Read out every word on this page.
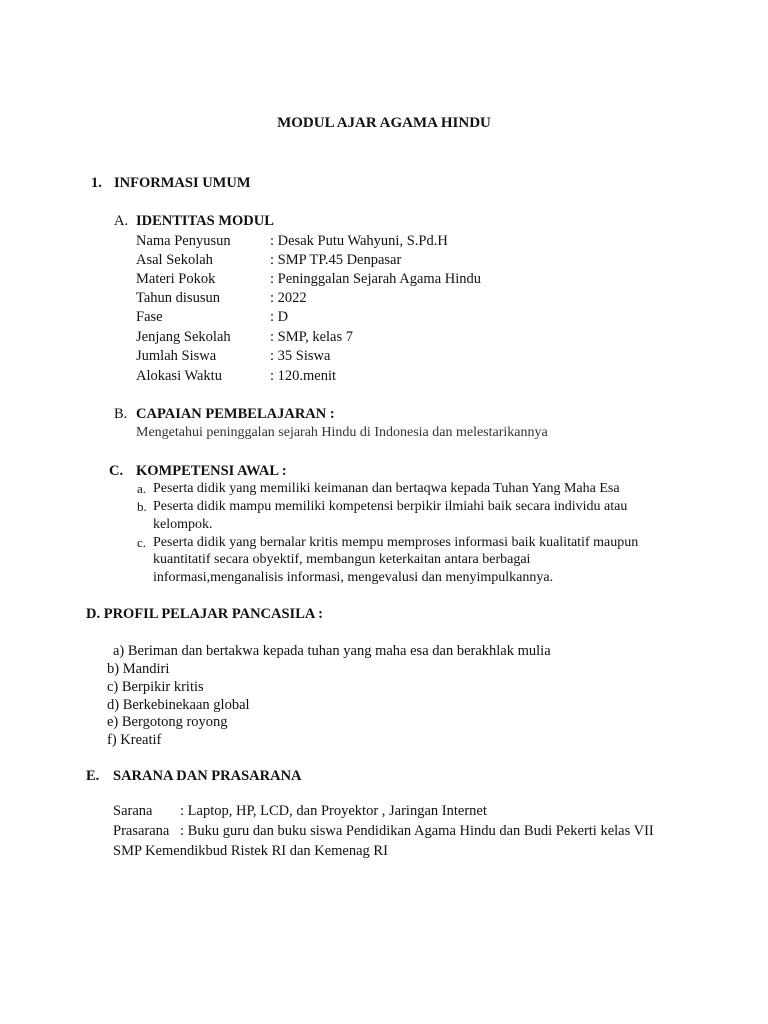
MODUL AJAR AGAMA HINDU
1. INFORMASI UMUM
A. IDENTITAS MODUL
Nama Penyusun	: Desak Putu Wahyuni, S.Pd.H
Asal Sekolah	: SMP TP.45 Denpasar
Materi Pokok	: Peninggalan Sejarah Agama Hindu
Tahun disusun	: 2022
Fase	: D
Jenjang Sekolah	: SMP, kelas 7
Jumlah Siswa	: 35 Siswa
Alokasi Waktu	: 120.menit
B. CAPAIAN PEMBELAJARAN :
Mengetahui peninggalan sejarah Hindu di Indonesia dan melestarikannya
C. KOMPETENSI AWAL :
a. Peserta didik yang memiliki keimanan dan bertaqwa kepada Tuhan Yang Maha Esa
b. Peserta didik mampu memiliki kompetensi berpikir ilmiahi baik secara individu atau
kelompok.
c. Peserta didik yang bernalar kritis mempu memproses informasi baik kualitatif maupun
kuantitatif secara obyektif, membangun keterkaitan antara berbagai
informasi,menganalisis informasi, mengevalusi dan menyimpulkannya.
D. PROFIL PELAJAR PANCASILA :
a) Beriman dan bertakwa kepada tuhan yang maha esa dan berakhlak mulia
b) Mandiri
c) Berpikir kritis
d) Berkebinekaan global
e) Bergotong royong
f) Kreatif
E. SARANA DAN PRASARANA
Sarana : Laptop, HP, LCD, dan Proyektor , Jaringan Internet
Prasarana : Buku guru dan buku siswa Pendidikan Agama Hindu dan Budi Pekerti kelas VII
SMP Kemendikbud Ristek RI dan Kemenag RI
